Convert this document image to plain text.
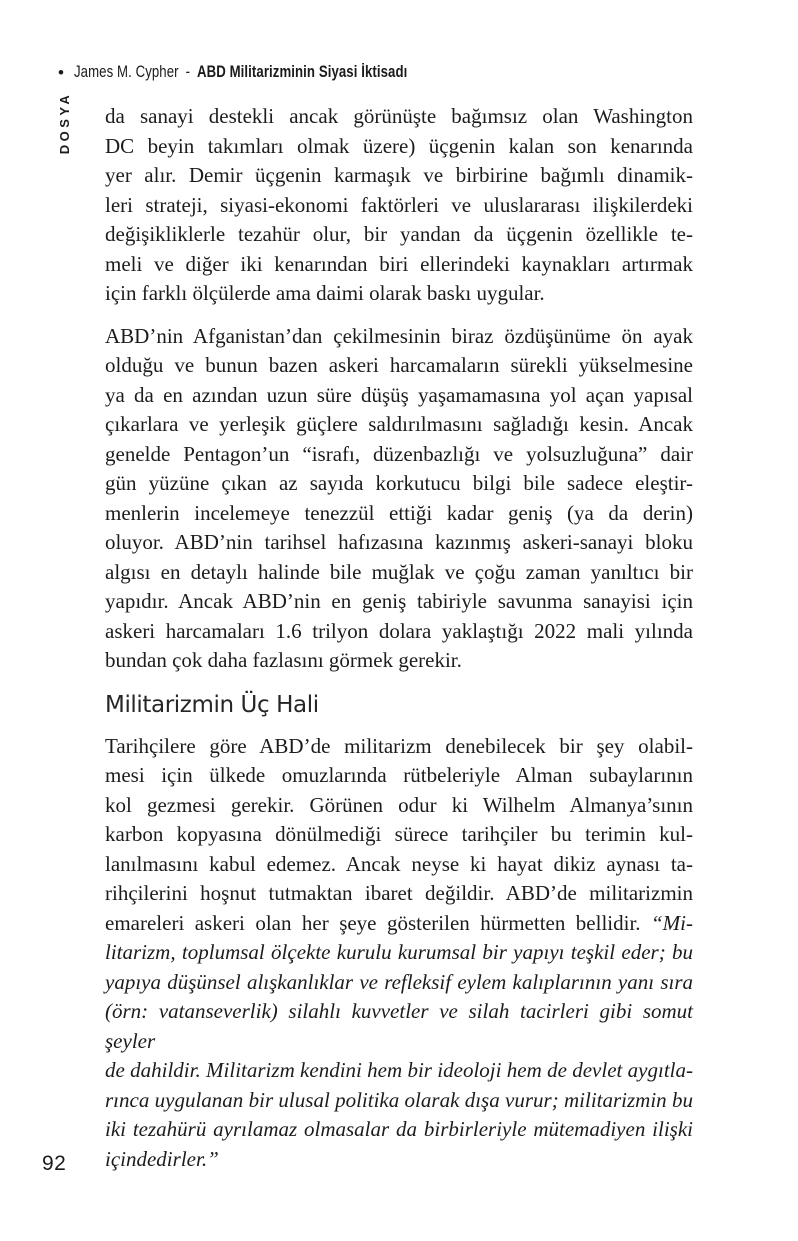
• James M. Cypher - ABD Militarizminin Siyasi İktisadı
DOSYA da sanayi destekli ancak görünüşte bağımsız olan Washington
DC beyin takımları olmak üzere) üçgenin kalan son kenarında
yer alır. Demir üçgenin karmaşık ve birbirine bağımlı dinamik-
leri strateji, siyasi-ekonomi faktörleri ve uluslararası ilişkilerdeki
değişikliklerle tezahür olur, bir yandan da üçgenin özellikle te-
meli ve diğer iki kenarından biri ellerindeki kaynakları artırmak
için farklı ölçülerde ama daimi olarak baskı uygular.
ABD’nin Afganistan’dan çekilmesinin biraz özdüşünüme ön ayak
olduğu ve bunun bazen askeri harcamaların sürekli yükselmesine
ya da en azından uzun süre düşüş yaşamamasına yol açan yapısal
çıkarlara ve yerleşik güçlere saldırılmasını sağladığı kesin. Ancak
genelde Pentagon’un “israfı, düzenbazlığı ve yolsuzluğuna” dair
gün yüzüne çıkan az sayıda korkutucu bilgi bile sadece eleştir-
menlerin incelemeye tenezzül ettiği kadar geniş (ya da derin)
oluyor. ABD’nin tarihsel hafızasına kazınmış askeri-sanayi bloku
algısı en detaylı halinde bile muğlak ve çoğu zaman yanıltıcı bir
yapıdır. Ancak ABD’nin en geniş tabiriyle savunma sanayisi için
askeri harcamaları 1.6 trilyon dolara yaklaştığı 2022 mali yılında
bundan çok daha fazlasını görmek gerekir.
Militarizmin Üç Hali
Tarihçilere göre ABD’de militarizm denebilecek bir şey olabil-
mesi için ülkede omuzlarında rütbeleriyle Alman subaylarının
kol gezmesi gerekir. Görünen odur ki Wilhelm Almanya’sının
karbon kopyasına dönülmediği sürece tarihçiler bu terimin kul-
lanılmasını kabul edemez. Ancak neyse ki hayat dikiz aynası ta-
rihçilerini hoşnut tutmaktan ibaret değildir. ABD’de militarizmin
emareleri askeri olan her şeye gösterilen hürmetten bellidir. “Mi-
litarizm, toplumsal ölçekte kurulu kurumsal bir yapıyı teşkil eder; bu
yapıya düşünsel alışkanlıklar ve refleksif eylem kalıplarının yanı sıra
(örn: vatanseverlik) silahlı kuvvetler ve silah tacirleri gibi somut şeyler
de dahildir. Militarizm kendini hem bir ideoloji hem de devlet aygıtla-
rınca uygulanan bir ulusal politika olarak dışa vurur; militarizmin bu
iki tezahürü ayrılamaz olmasalar da birbirleriyle mütemadiyen ilişki
içindedirler.”
92
